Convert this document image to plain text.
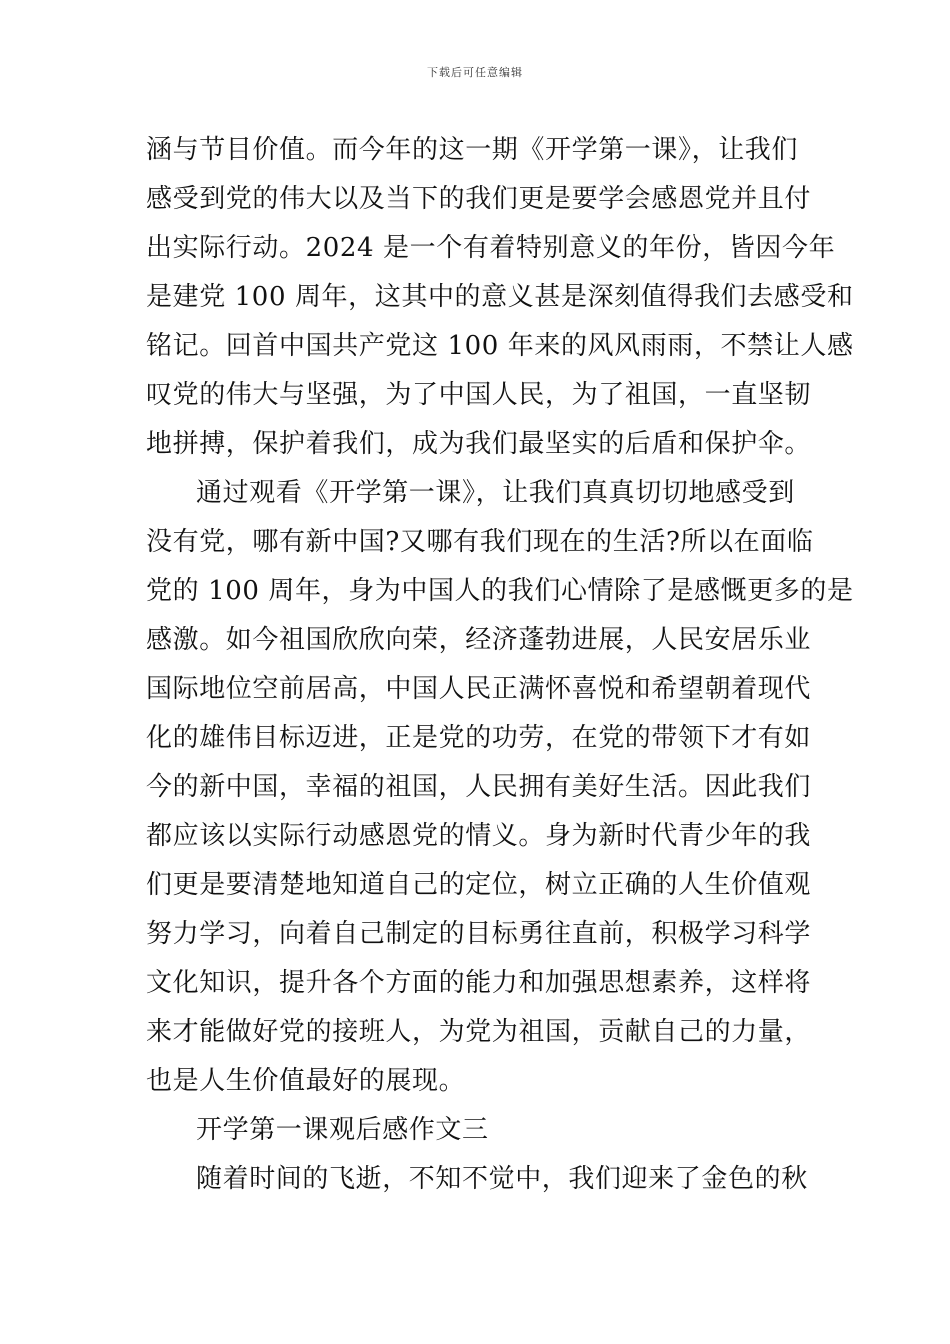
下载后可任意编辑
涵与节目价值。而今年的这一期《开学第一课》，让我们
感受到党的伟大以及当下的我们更是要学会感恩党并且付
出实际行动。2024 是一个有着特别意义的年份，皆因今年
是建党 100 周年，这其中的意义甚是深刻值得我们去感受和
铭记。回首中国共产党这 100 年来的风风雨雨，不禁让人感
叹党的伟大与坚强，为了中国人民，为了祖国，一直坚韧
地拼搏，保护着我们，成为我们最坚实的后盾和保护伞。
通过观看《开学第一课》，让我们真真切切地感受到
没有党，哪有新中国?又哪有我们现在的生活?所以在面临
党的 100 周年，身为中国人的我们心情除了是感慨更多的是
感激。如今祖国欣欣向荣，经济蓬勃进展，人民安居乐业
国际地位空前居高，中国人民正满怀喜悦和希望朝着现代
化的雄伟目标迈进，正是党的功劳，在党的带领下才有如
今的新中国，幸福的祖国，人民拥有美好生活。因此我们
都应该以实际行动感恩党的情义。身为新时代青少年的我
们更是要清楚地知道自己的定位，树立正确的人生价值观
努力学习，向着自己制定的目标勇往直前，积极学习科学
文化知识，提升各个方面的能力和加强思想素养，这样将
来才能做好党的接班人，为党为祖国，贡献自己的力量，
也是人生价值最好的展现。
开学第一课观后感作文三
随着时间的飞逝，不知不觉中，我们迎来了金色的秋
